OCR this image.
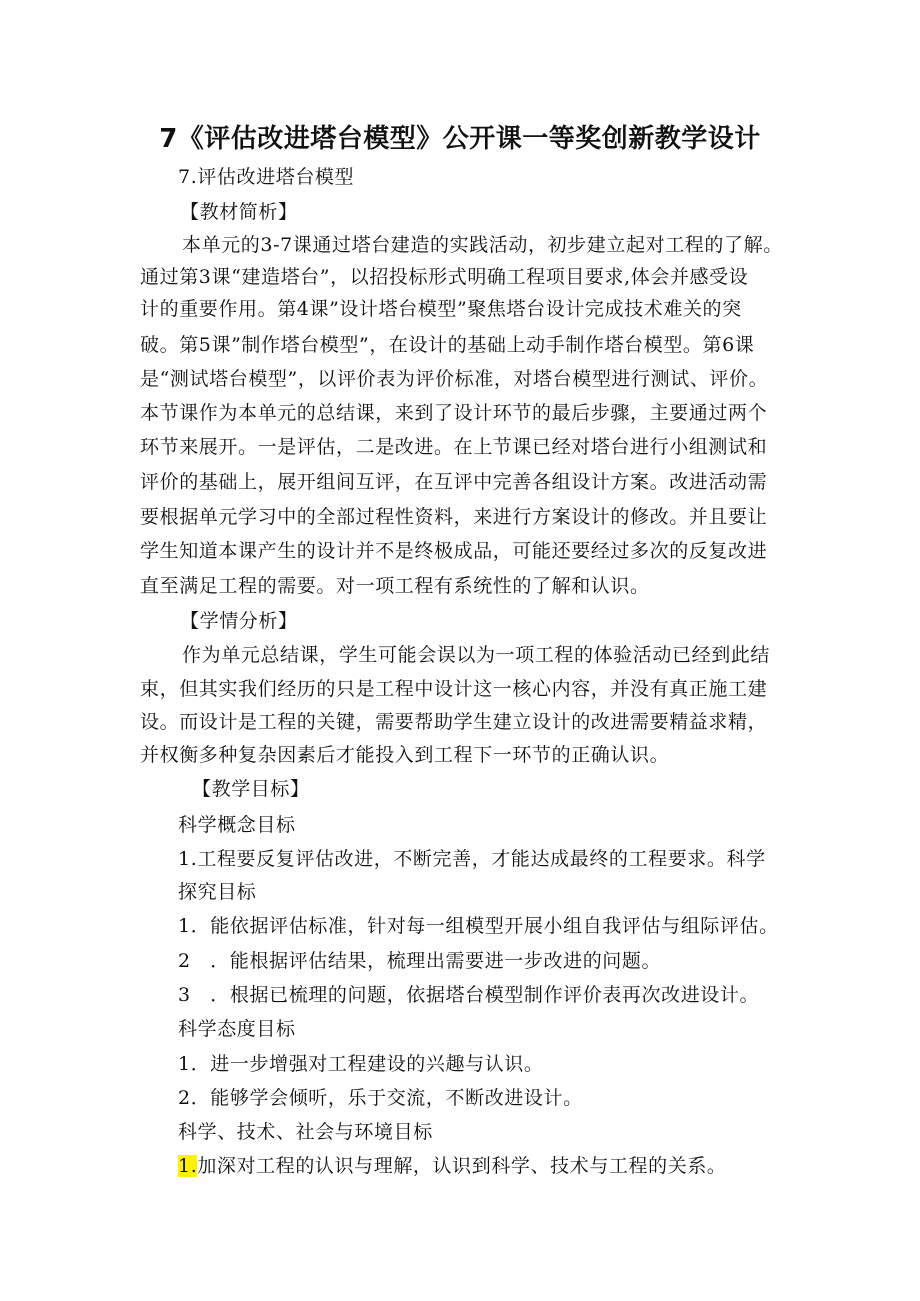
7《评估改进塔台模型》公开课一等奖创新教学设计
7.评估改进塔台模型
【教材简析】
本单元的3-7课通过塔台建造的实践活动，初步建立起对工程的了解。
通过第3课“建造塔台”，以招投标形式明确工程项目要求,体会并感受设
计的重要作用。第4课”设计塔台模型”聚焦塔台设计完成技术难关的突
破。第5课”制作塔台模型”，在设计的基础上动手制作塔台模型。第6课
是“测试塔台模型”，以评价表为评价标准，对塔台模型进行测试、评价。
本节课作为本单元的总结课，来到了设计环节的最后步骤，主要通过两个
环节来展开。一是评估，二是改进。在上节课已经对塔台进行小组测试和
评价的基础上，展开组间互评，在互评中完善各组设计方案。改进活动需
要根据单元学习中的全部过程性资料，来进行方案设计的修改。并且要让
学生知道本课产生的设计并不是终极成品，可能还要经过多次的反复改进
直至满足工程的需要。对一项工程有系统性的了解和认识。
【学情分析】
作为单元总结课，学生可能会误以为一项工程的体验活动已经到此结
束，但其实我们经历的只是工程中设计这一核心内容，并没有真正施工建
设。而设计是工程的关键，需要帮助学生建立设计的改进需要精益求精，
并权衡多种复杂因素后才能投入到工程下一环节的正确认识。
【教学目标】
科学概念目标
1.工程要反复评估改进，不断完善，才能达成最终的工程要求。科学
探究目标
1．能依据评估标准，针对每一组模型开展小组自我评估与组际评估。
2　．能根据评估结果，梳理出需要进一步改进的问题。
3　．根据已梳理的问题，依据塔台模型制作评价表再次改进设计。
科学态度目标
1．进一步增强对工程建设的兴趣与认识。
2．能够学会倾听，乐于交流，不断改进设计。
科学、技术、社会与环境目标
1.加深对工程的认识与理解，认识到科学、技术与工程的关系。
